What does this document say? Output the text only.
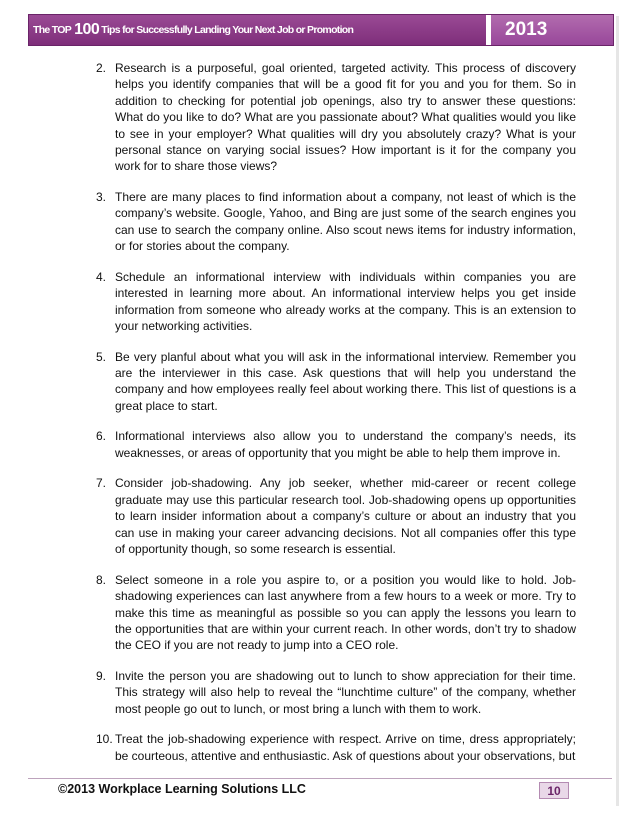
The TOP 100 Tips for Successfully Landing Your Next Job or Promotion	2013
2. Research is a purposeful, goal oriented, targeted activity. This process of discovery helps you identify companies that will be a good fit for you and you for them. So in addition to checking for potential job openings, also try to answer these questions: What do you like to do? What are you passionate about? What qualities would you like to see in your employer? What qualities will dry you absolutely crazy? What is your personal stance on varying social issues? How important is it for the company you work for to share those views?
3. There are many places to find information about a company, not least of which is the company’s website. Google, Yahoo, and Bing are just some of the search engines you can use to search the company online. Also scout news items for industry information, or for stories about the company.
4. Schedule an informational interview with individuals within companies you are interested in learning more about. An informational interview helps you get inside information from someone who already works at the company. This is an extension to your networking activities.
5. Be very planful about what you will ask in the informational interview. Remember you are the interviewer in this case. Ask questions that will help you understand the company and how employees really feel about working there. This list of questions is a great place to start.
6. Informational interviews also allow you to understand the company’s needs, its weaknesses, or areas of opportunity that you might be able to help them improve in.
7. Consider job-shadowing. Any job seeker, whether mid-career or recent college graduate may use this particular research tool. Job-shadowing opens up opportunities to learn insider information about a company’s culture or about an industry that you can use in making your career advancing decisions. Not all companies offer this type of opportunity though, so some research is essential.
8. Select someone in a role you aspire to, or a position you would like to hold. Job-shadowing experiences can last anywhere from a few hours to a week or more. Try to make this time as meaningful as possible so you can apply the lessons you learn to the opportunities that are within your current reach. In other words, don’t try to shadow the CEO if you are not ready to jump into a CEO role.
9. Invite the person you are shadowing out to lunch to show appreciation for their time. This strategy will also help to reveal the “lunchtime culture” of the company, whether most people go out to lunch, or most bring a lunch with them to work.
10. Treat the job-shadowing experience with respect. Arrive on time, dress appropriately; be courteous, attentive and enthusiastic. Ask of questions about your observations, but
©2013 Workplace Learning Solutions LLC	10
